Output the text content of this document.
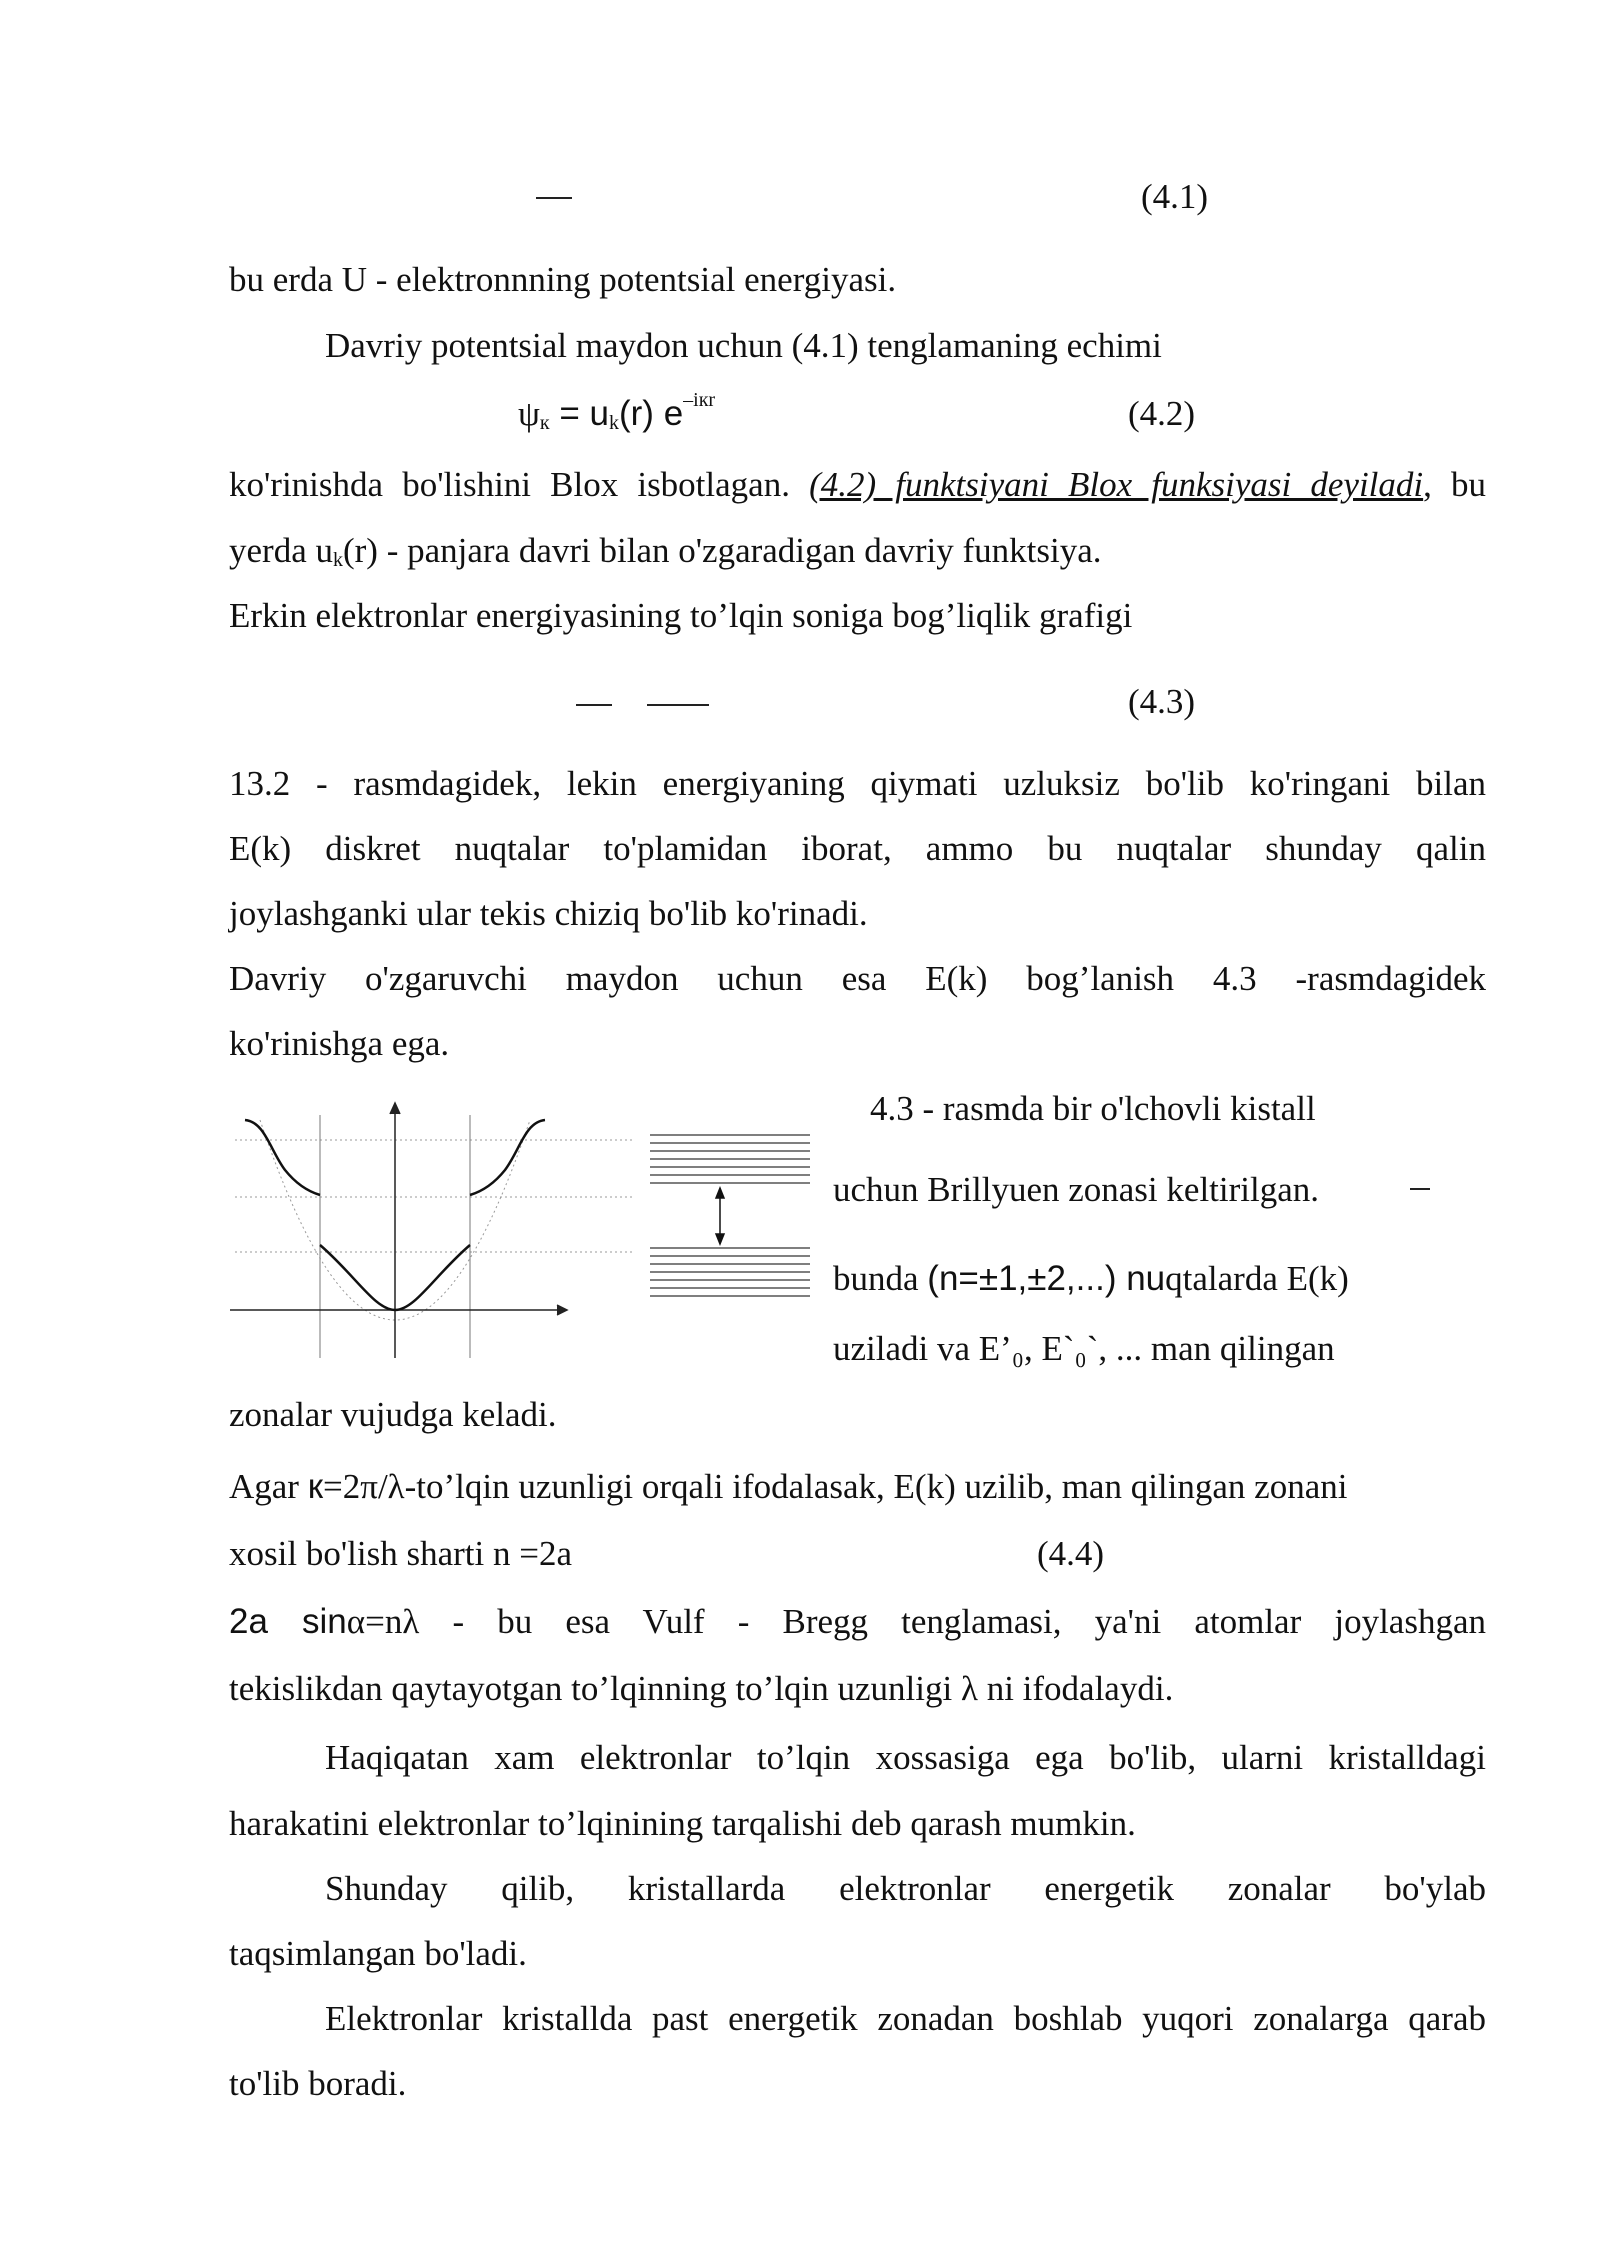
(4.1)
bu erda U - elektronnning potentsial energiyasi.
Davriy potentsial maydon uchun (4.1) tenglamaning echimi
$\psi_к = u_k(r)$ $e^{-iкr}$	(4.2)
ko'rinishda bo'lishini Blox isbotlagan. (4.2) funktsiyani Blox funksiyasi deyiladi, bu
yerda $u_k(r)$ - panjara davri bilan o'zgaradigan davriy funktsiya.
Erkin elektronlar energiyasining to’lqin soniga bog’liqlik grafigi
(4.3)
13.2 - rasmdagidek, lekin energiyaning qiymati uzluksiz bo'lib ko'ringani bilan
E(k) diskret nuqtalar to'plamidan iborat, ammo bu nuqtalar shunday qalin
joylashganki ular tekis chiziq bo'lib ko'rinadi.
Davriy o'zgaruvchi maydon uchun esa E(k) bog’lanish 4.3 -rasmdagidek
ko'rinishga ega.
4.3 - rasmda bir o'lchovli kistall
uchun Brillyuen zonasi keltirilgan.
bunda (n=±1,±2,...) nuqtalarda E(k)
uziladi va E’₀, E`₀`, ... man qilingan
zonalar vujudga keladi.
Agar к=2π/λ-to’lqin uzunligi orqali ifodalasak, E(k) uzilib, man qilingan zonani
xosil bo'lish sharti n =2a	(4.4)
2a sinα=nλ - bu esa Vulf - Bregg tenglamasi, ya'ni atomlar joylashgan
tekislikdan qaytayotgan to’lqinning to’lqin uzunligi λ ni ifodalaydi.
Haqiqatan xam elektronlar to’lqin xossasiga ega bo'lib, ularni kristalldagi
harakatini elektronlar to’lqinining tarqalishi deb qarash mumkin.
Shunday qilib, kristallarda elektronlar energetik zonalar bo'ylab
taqsimlangan bo'ladi.
Elektronlar kristallda past energetik zonadan boshlab yuqori zonalarga qarab
to'lib boradi.
